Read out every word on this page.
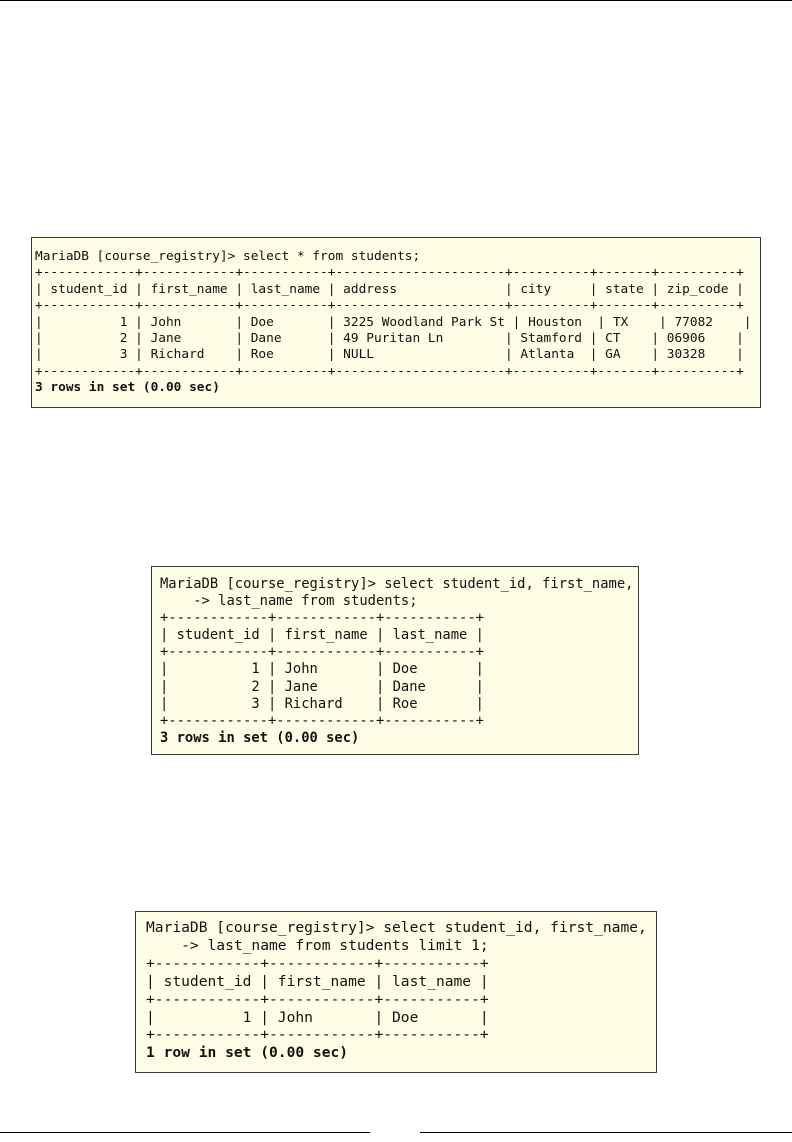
MariaDB [course_registry]> select * from students;
+------------+------------+-----------+----------------------+----------+-------+----------+
| student_id | first_name | last_name | address              | city     | state | zip_code |
+------------+------------+-----------+----------------------+----------+-------+----------+
|          1 | John       | Doe       | 3225 Woodland Park St | Houston  | TX    | 77082    |
|          2 | Jane       | Dane      | 49 Puritan Ln        | Stamford | CT    | 06906    |
|          3 | Richard    | Roe       | NULL                 | Atlanta  | GA    | 30328    |
+------------+------------+-----------+----------------------+----------+-------+----------+
3 rows in set (0.00 sec)
MariaDB [course_registry]> select student_id, first_name,
-> last_name from students;
+------------+------------+-----------+
| student_id | first_name | last_name |
+------------+------------+-----------+
|          1 | John       | Doe       |
|          2 | Jane       | Dane      |
|          3 | Richard    | Roe       |
+------------+------------+-----------+
3 rows in set (0.00 sec)
MariaDB [course_registry]> select student_id, first_name,
-> last_name from students limit 1;
+------------+------------+-----------+
| student_id | first_name | last_name |
+------------+------------+-----------+
|          1 | John       | Doe       |
+------------+------------+-----------+
1 row in set (0.00 sec)
